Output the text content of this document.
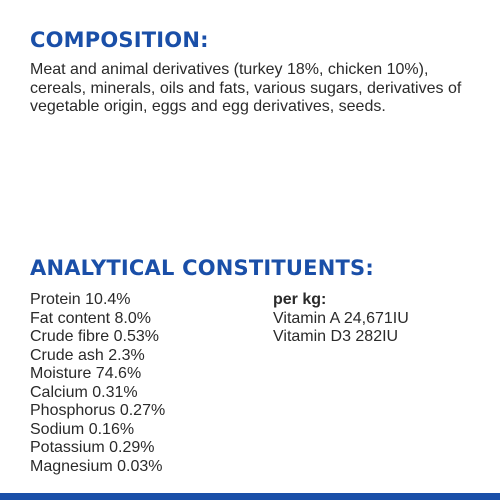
COMPOSITION:

Meat and animal derivatives (turkey 18%, chicken 10%), cereals, minerals, oils and fats, various sugars, derivatives of vegetable origin, eggs and egg derivatives, seeds.

ANALYTICAL CONSTITUENTS:
Protein 10.4%
Fat content 8.0%
Crude fibre 0.53%
Crude ash 2.3%
Moisture 74.6%
Calcium 0.31%
Phosphorus 0.27%
Sodium 0.16%
Potassium 0.29%
Magnesium 0.03%
per kg:
Vitamin A 24,671IU
Vitamin D3 282IU
